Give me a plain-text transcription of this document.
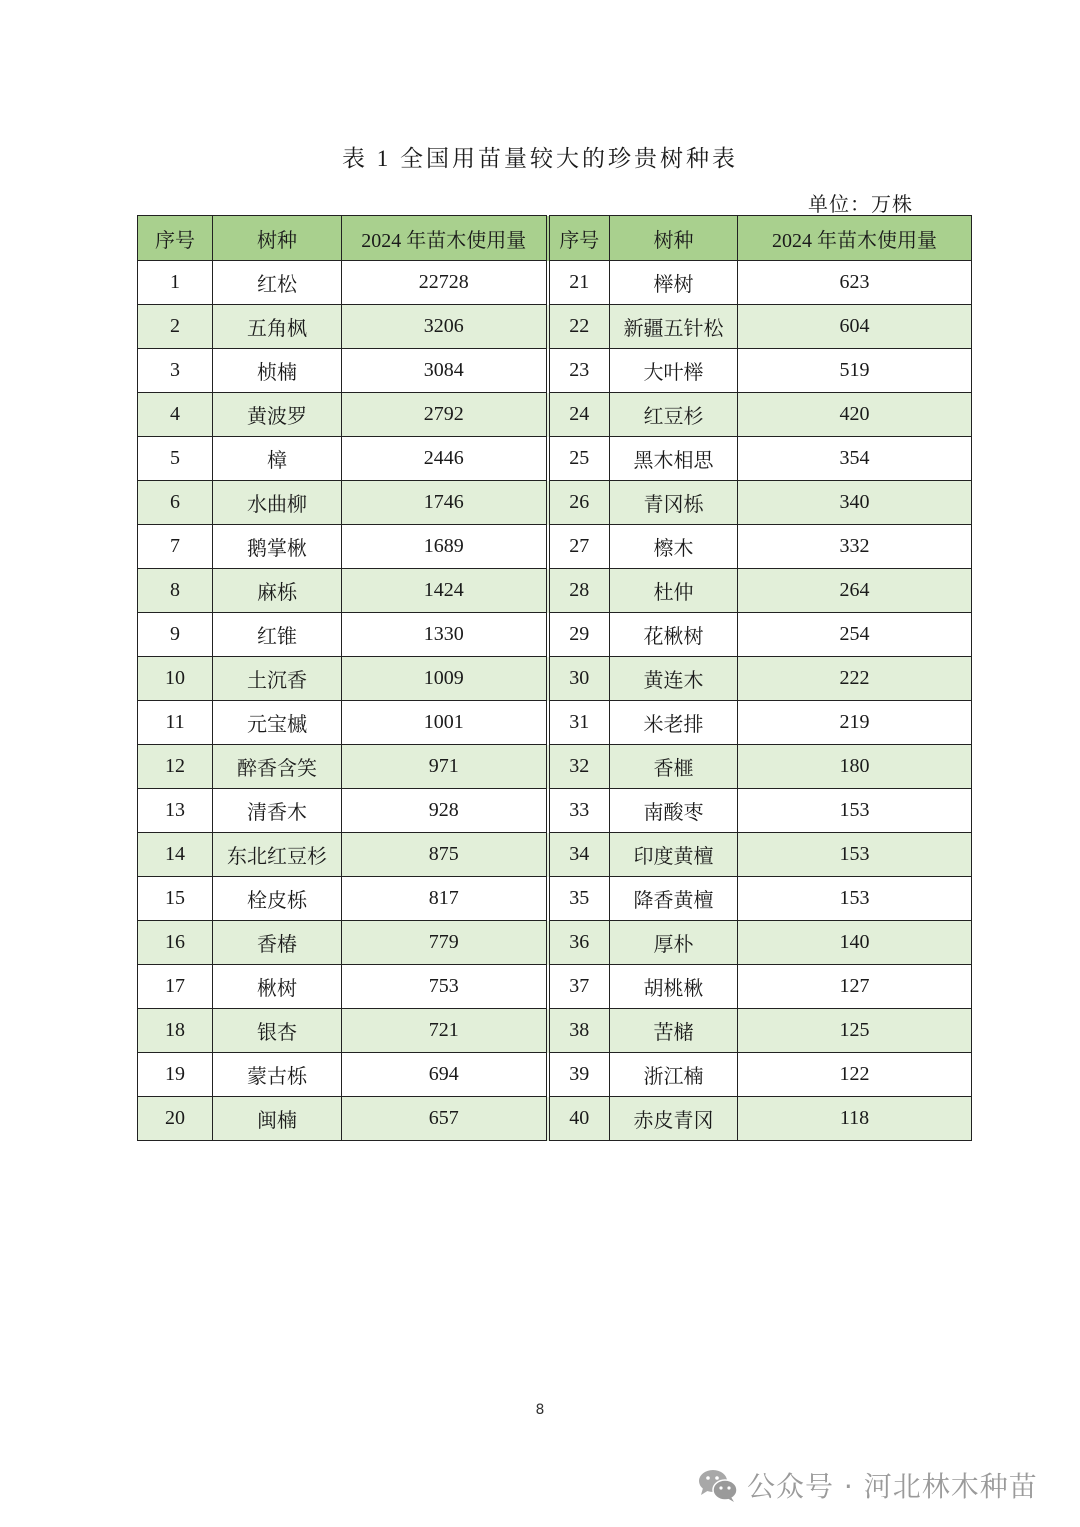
表 1 全国用苗量较大的珍贵树种表
单位：万株
序号	树种	2024 年苗木使用量	序号	树种	2024 年苗木使用量
1	红松	22728	21	榉树	623
2	五角枫	3206	22	新疆五针松	604
3	桢楠	3084	23	大叶榉	519
4	黄波罗	2792	24	红豆杉	420
5	樟	2446	25	黑木相思	354
6	水曲柳	1746	26	青冈栎	340
7	鹅掌楸	1689	27	檫木	332
8	麻栎	1424	28	杜仲	264
9	红锥	1330	29	花楸树	254
10	土沉香	1009	30	黄连木	222
11	元宝槭	1001	31	米老排	219
12	醉香含笑	971	32	香榧	180
13	清香木	928	33	南酸枣	153
14	东北红豆杉	875	34	印度黄檀	153
15	栓皮栎	817	35	降香黄檀	153
16	香椿	779	36	厚朴	140
17	楸树	753	37	胡桃楸	127
18	银杏	721	38	苦槠	125
19	蒙古栎	694	39	浙江楠	122
20	闽楠	657	40	赤皮青冈	118
8
公众号 · 河北林木种苗
